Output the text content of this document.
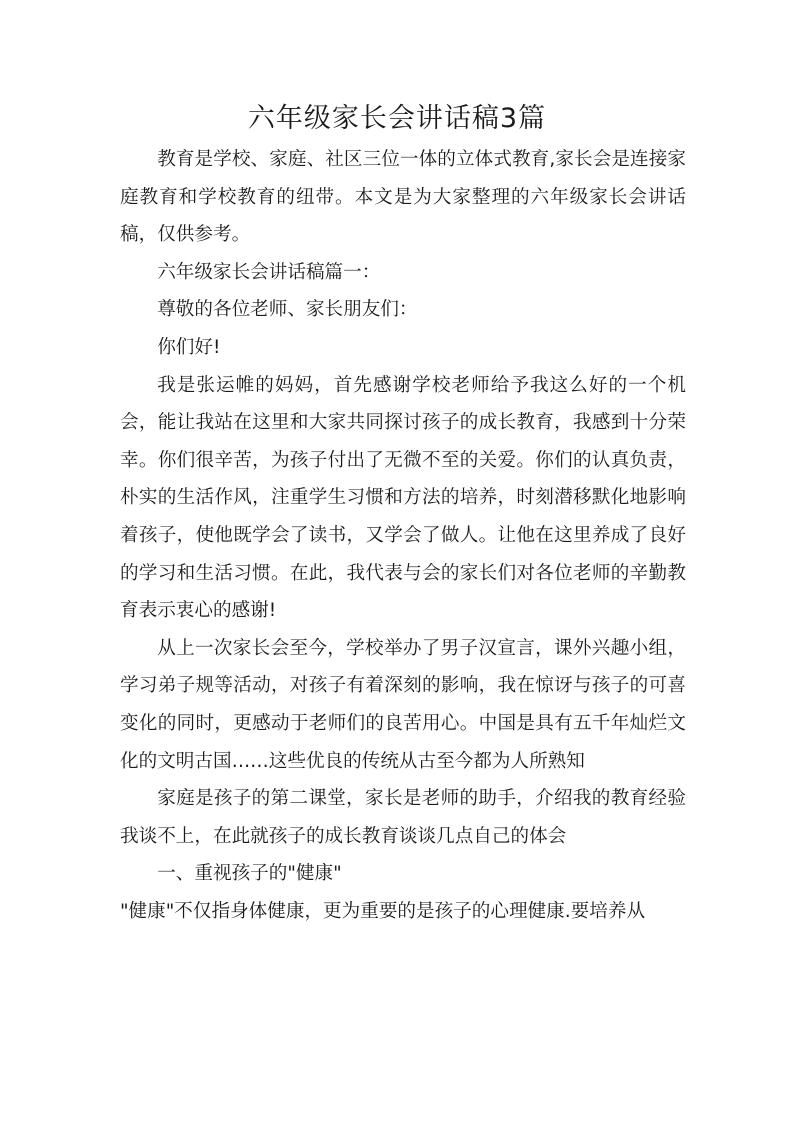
六年级家长会讲话稿3篇

教育是学校、家庭、社区三位一体的立体式教育,家长会是连接家庭教育和学校教育的纽带。本文是为大家整理的六年级家长会讲话稿，仅供参考。

六年级家长会讲话稿篇一：

尊敬的各位老师、家长朋友们：

你们好!

我是张运帷的妈妈，首先感谢学校老师给予我这么好的一个机会，能让我站在这里和大家共同探讨孩子的成长教育，我感到十分荣幸。你们很辛苦，为孩子付出了无微不至的关爱。你们的认真负责，朴实的生活作风，注重学生习惯和方法的培养，时刻潜移默化地影响着孩子，使他既学会了读书，又学会了做人。让他在这里养成了良好的学习和生活习惯。在此，我代表与会的家长们对各位老师的辛勤教育表示衷心的感谢!

从上一次家长会至今，学校举办了男子汉宣言，课外兴趣小组，学习弟子规等活动，对孩子有着深刻的影响，我在惊讶与孩子的可喜变化的同时，更感动于老师们的良苦用心。中国是具有五千年灿烂文化的文明古国……这些优良的传统从古至今都为人所熟知

家庭是孩子的第二课堂，家长是老师的助手，介绍我的教育经验我谈不上，在此就孩子的成长教育谈谈几点自己的体会

一、重视孩子的"健康"

"健康"不仅指身体健康，更为重要的是孩子的心理健康.要培养从
